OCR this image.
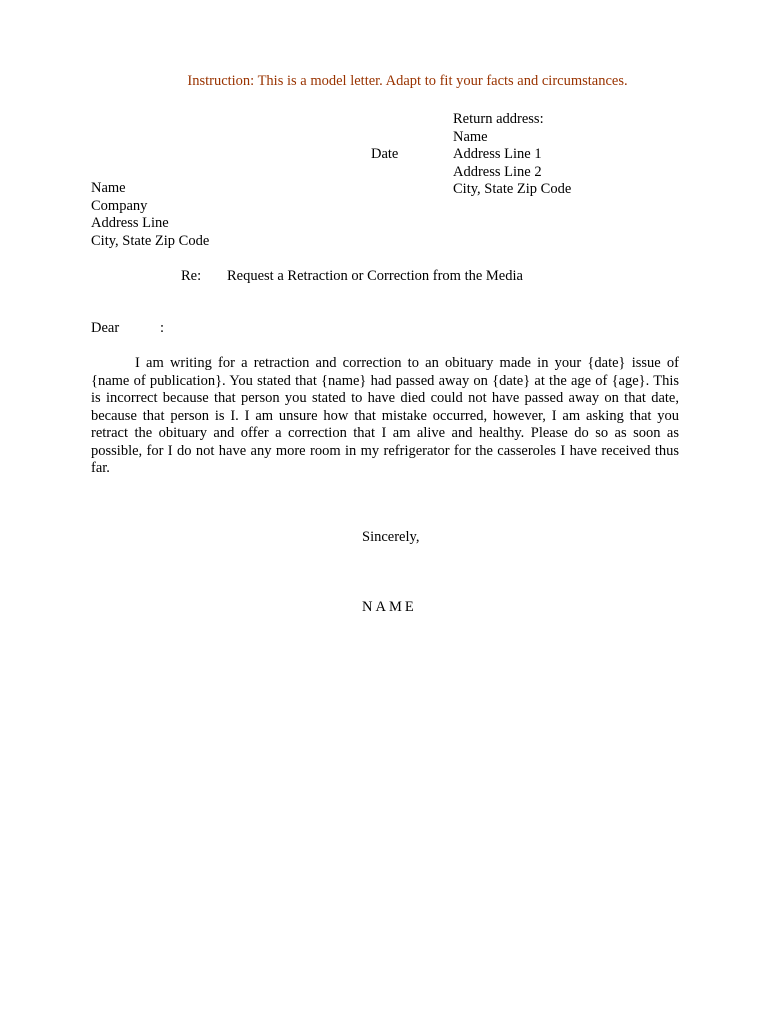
Instruction: This is a model letter. Adapt to fit your facts and circumstances.
Return address:
Name
Address Line 1
Address Line 2
City, State Zip Code
Date
Name
Company
Address Line
City, State Zip Code
Re: Request a Retraction or Correction from the Media
Dear	:
I am writing for a retraction and correction to an obituary made in your {date} issue of {name of publication}. You stated that {name} had passed away on {date} at the age of {age}. This is incorrect because that person you stated to have died could not have passed away on that date, because that person is I. I am unsure how that mistake occurred, however, I am asking that you retract the obituary and offer a correction that I am alive and healthy. Please do so as soon as possible, for I do not have any more room in my refrigerator for the casseroles I have received thus far.
Sincerely,
NAME
